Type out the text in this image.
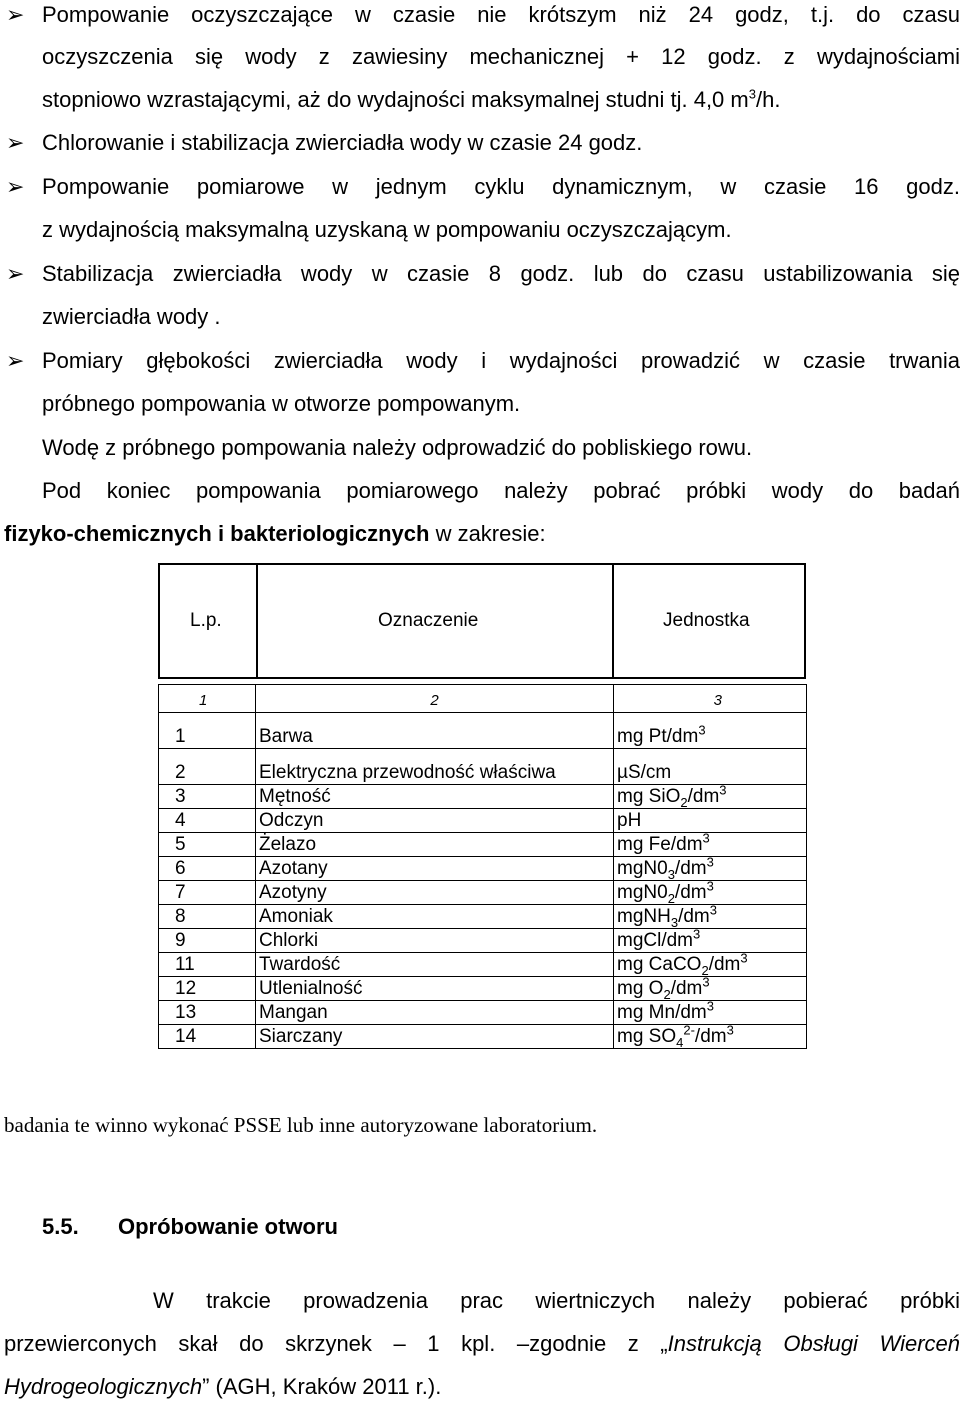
➢ Pompowanie oczyszczające w czasie nie krótszym niż 24 godz, t.j. do czasu
oczyszczenia się wody z zawiesiny mechanicznej + 12 godz. z wydajnościami
stopniowo wzrastającymi, aż do wydajności maksymalnej studni tj. 4,0 $m^3/h$.
➢ Chlorowanie i stabilizacja zwierciadła wody w czasie 24 godz.
➢ Pompowanie pomiarowe w jednym cyklu dynamicznym, w czasie 16 godz.
z wydajnością maksymalną uzyskaną w pompowaniu oczyszczającym.
➢ Stabilizacja zwierciadła wody w czasie 8 godz. lub do czasu ustabilizowania się
zwierciadła wody .
➢ Pomiary głębokości zwierciadła wody i wydajności prowadzić w czasie trwania
próbnego pompowania w otworze pompowanym.
Wodę z próbnego pompowania należy odprowadzić do pobliskiego rowu.
Pod koniec pompowania pomiarowego należy pobrać próbki wody do badań
fizyko-chemicznych i bakteriologicznych w zakresie:
L.p.	Oznaczenie	Jednostka
1	2	3
1	Barwa	mg $Pt/dm^3$
2	Elektryczna przewodność właściwa	µS/cm
3	Mętność	mg $SiO_2/dm^3$
4	Odczyn	pH
5	Żelazo	mg $Fe/dm^3$
6	Azotany	$mgN0_3/dm^3$
7	Azotyny	$mgN0_2/dm^3$
8	Amoniak	$mgNH_3/dm^3$
9	Chlorki	mgCl/$dm^3$
11	Twardość	mg $CaCO_2/dm^3$
12	Utlenialność	mg $O_2/dm^3$
13	Mangan	mg $Mn/dm^3$
14	Siarczany	mg $SO_4^{2-}/dm^3$
badania te winno wykonać PSSE lub inne autoryzowane laboratorium.
5.5. Opróbowanie otworu
W trakcie prowadzenia prac wiertniczych należy pobierać próbki
przewierconych skał do skrzynek – 1 kpl. –zgodnie z „Instrukcją Obsługi Wierceń
Hydrogeologicznych” (AGH, Kraków 2011 r.).
